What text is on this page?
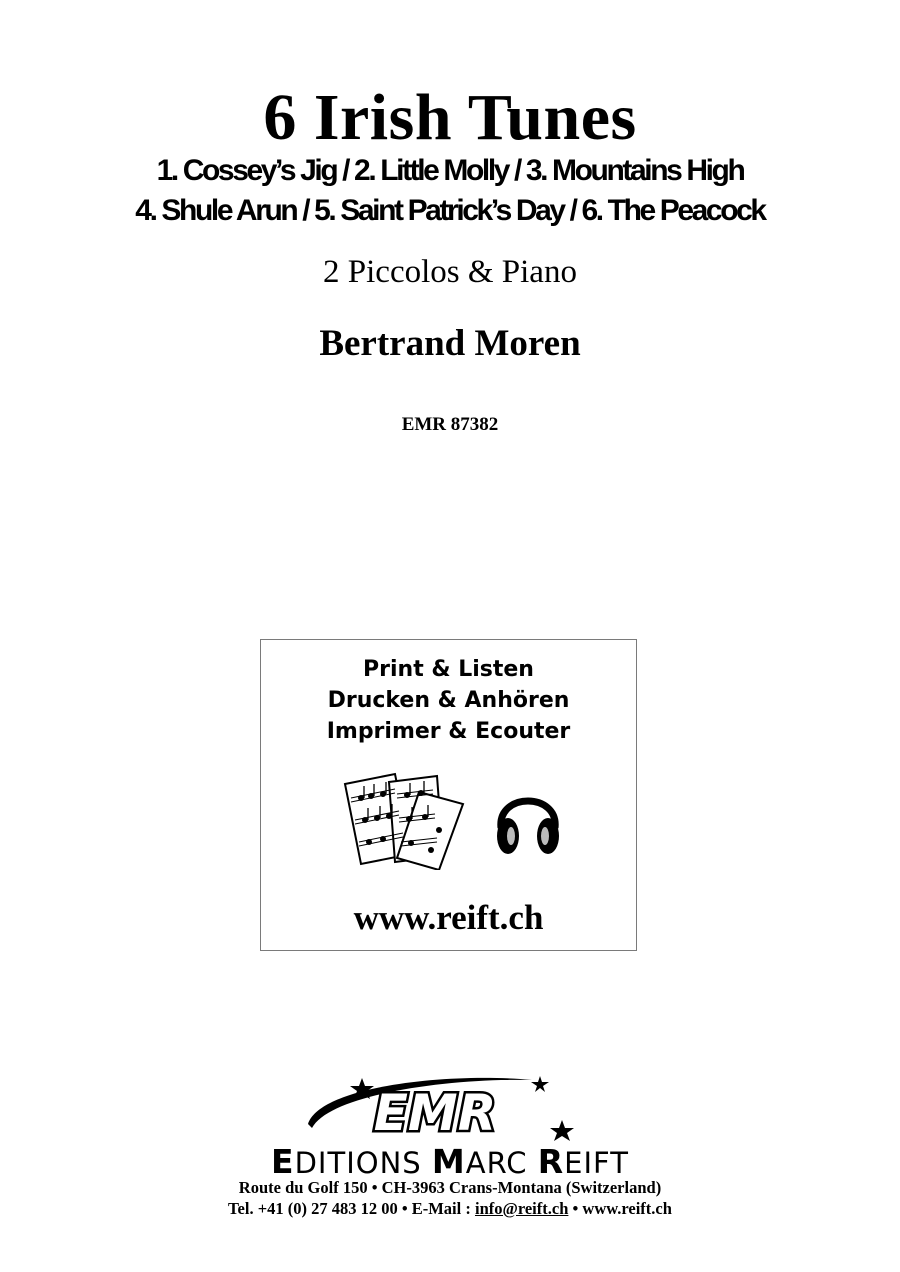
6 Irish Tunes
1. Cossey’s Jig / 2. Little Molly / 3. Mountains High
4. Shule Arun / 5. Saint Patrick’s Day / 6. The Peacock
2 Piccolos & Piano
Bertrand Moren
EMR 87382
Print & Listen
Drucken & Anhören
Imprimer & Ecouter
www.reift.ch
EMR
EDITIONS MARC REIFT
Route du Golf 150 • CH-3963 Crans-Montana (Switzerland)
Tel. +41 (0) 27 483 12 00 • E-Mail : info@reift.ch • www.reift.ch
